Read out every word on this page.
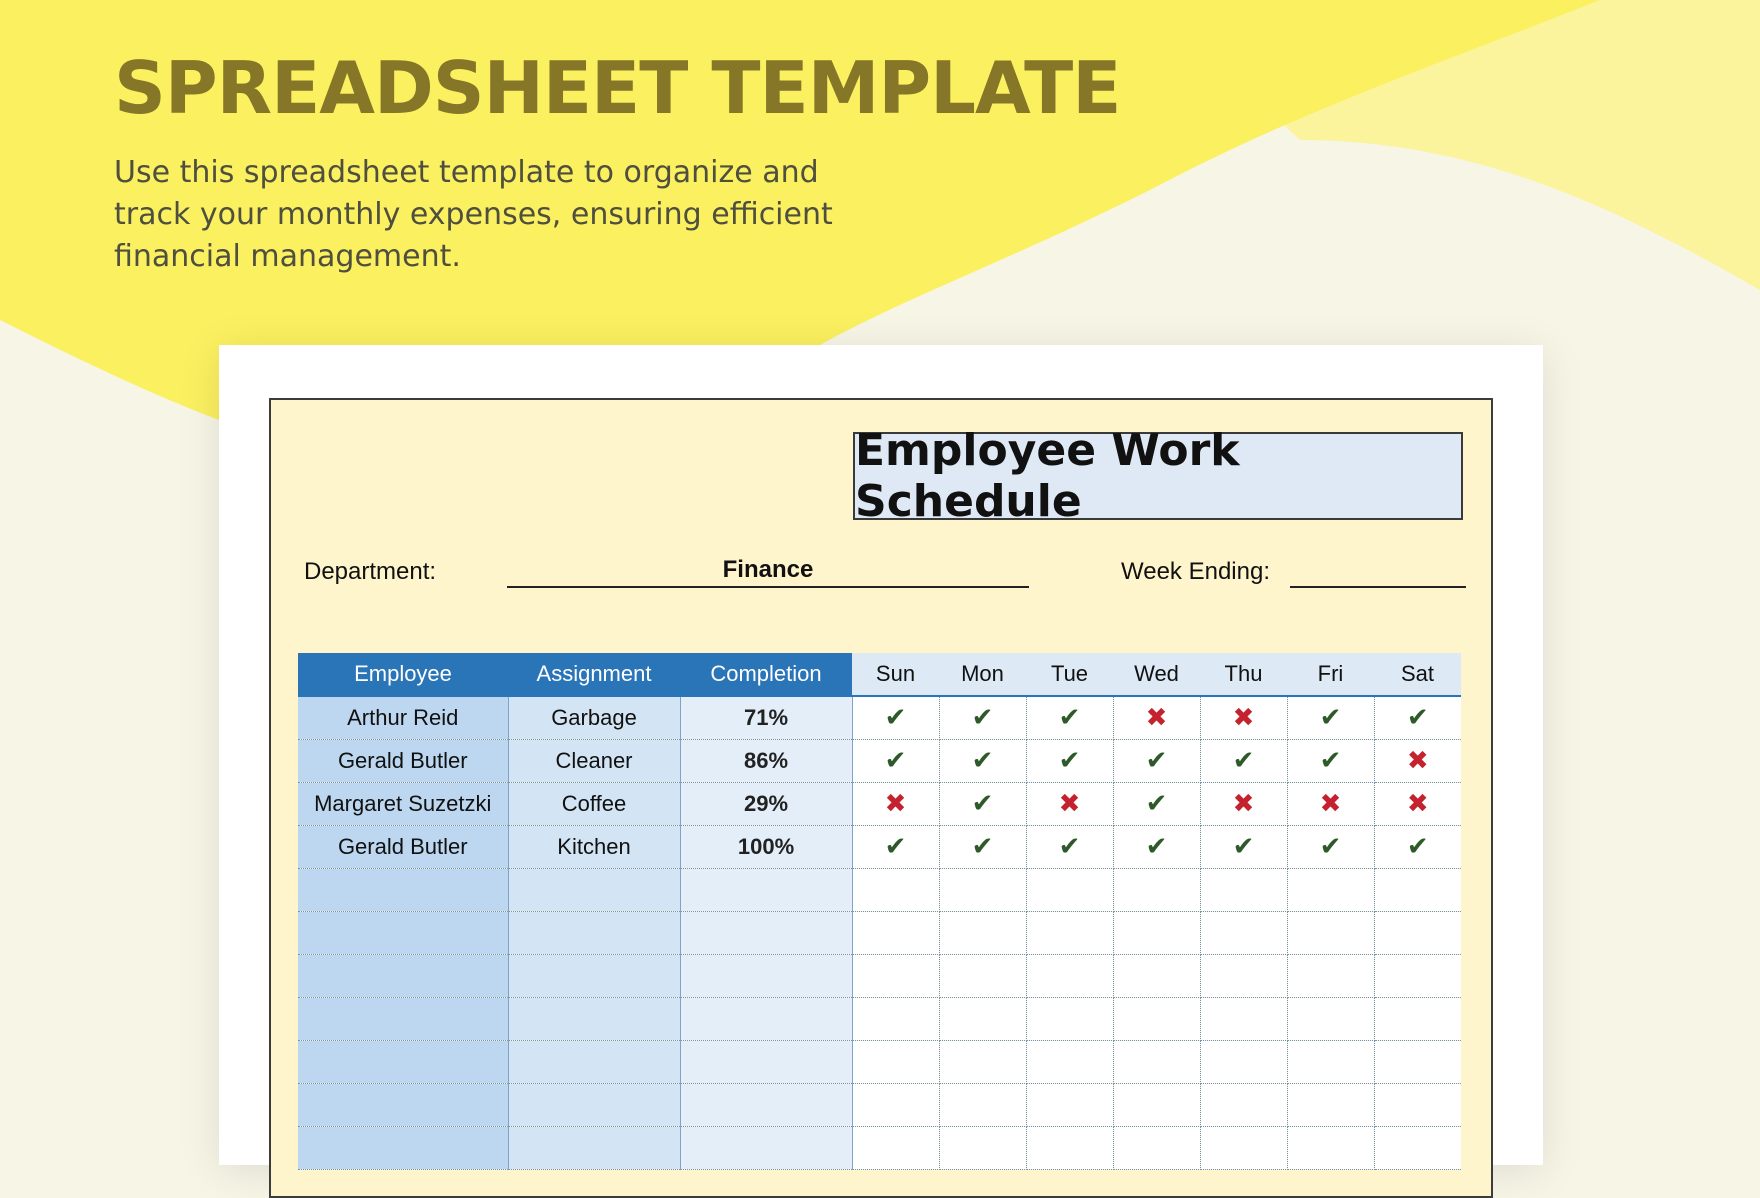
SPREADSHEET TEMPLATE

Use this spreadsheet template to organize and track your monthly expenses, ensuring efficient financial management.

Employee Work Schedule
Department:	Finance	Week Ending:
Employee	Assignment	Completion	Sun	Mon	Tue	Wed	Thu	Fri	Sat
Arthur Reid	Garbage	71%	✔	✔	✔	✖	✖	✔	✔
Gerald Butler	Cleaner	86%	✔	✔	✔	✔	✔	✔	✖
Margaret Suzetzki	Coffee	29%	✖	✔	✖	✔	✖	✖	✖
Gerald Butler	Kitchen	100%	✔	✔	✔	✔	✔	✔	✔
